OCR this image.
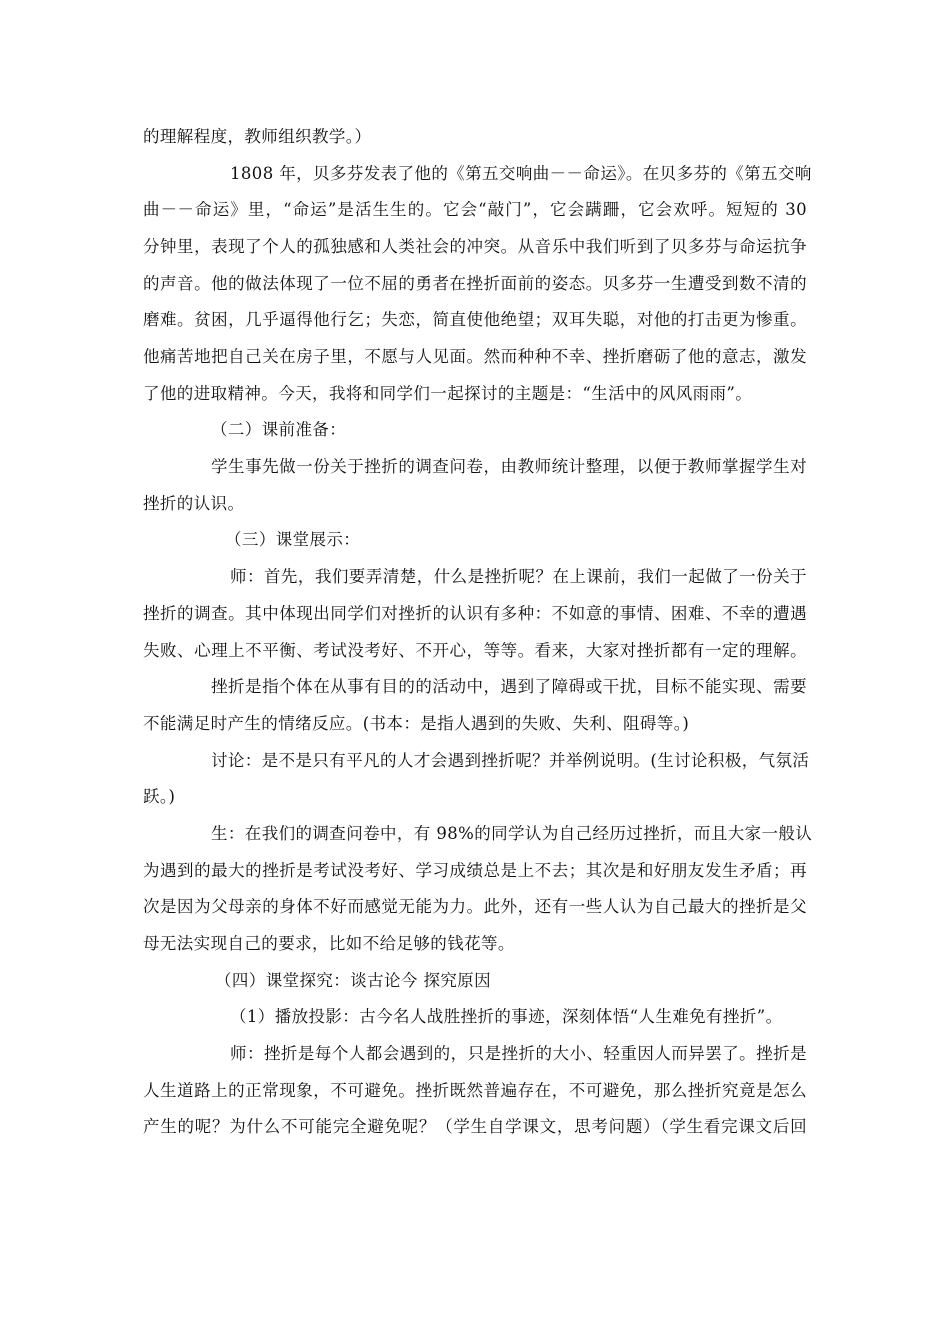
的理解程度，教师组织教学。）
1808 年，贝多芬发表了他的《第五交响曲－－命运》。在贝多芬的《第五交响
曲－－命运》里，“命运”是活生生的。它会“敲门”，它会蹒跚，它会欢呼。短短的 30
分钟里，表现了个人的孤独感和人类社会的冲突。从音乐中我们听到了贝多芬与命运抗争
的声音。他的做法体现了一位不屈的勇者在挫折面前的姿态。贝多芬一生遭受到数不清的
磨难。贫困，几乎逼得他行乞；失恋，简直使他绝望；双耳失聪，对他的打击更为惨重。
他痛苦地把自己关在房子里，不愿与人见面。然而种种不幸、挫折磨砺了他的意志，激发
了他的进取精神。今天，我将和同学们一起探讨的主题是：“生活中的风风雨雨”。
（二）课前准备：
学生事先做一份关于挫折的调查问卷，由教师统计整理，以便于教师掌握学生对
挫折的认识。
（三）课堂展示：
师：首先，我们要弄清楚，什么是挫折呢？在上课前，我们一起做了一份关于
挫折的调查。其中体现出同学们对挫折的认识有多种：不如意的事情、困难、不幸的遭遇
失败、心理上不平衡、考试没考好、不开心，等等。看来，大家对挫折都有一定的理解。
挫折是指个体在从事有目的的活动中，遇到了障碍或干扰，目标不能实现、需要
不能满足时产生的情绪反应。(书本：是指人遇到的失败、失利、阻碍等。)
讨论：是不是只有平凡的人才会遇到挫折呢？并举例说明。(生讨论积极，气氛活
跃。)
生：在我们的调查问卷中，有 98%的同学认为自己经历过挫折，而且大家一般认
为遇到的最大的挫折是考试没考好、学习成绩总是上不去；其次是和好朋友发生矛盾；再
次是因为父母亲的身体不好而感觉无能为力。此外，还有一些人认为自己最大的挫折是父
母无法实现自己的要求，比如不给足够的钱花等。
（四）课堂探究：谈古论今 探究原因
（1）播放投影：古今名人战胜挫折的事迹，深刻体悟“人生难免有挫折”。
师：挫折是每个人都会遇到的，只是挫折的大小、轻重因人而异罢了。挫折是
人生道路上的正常现象，不可避免。挫折既然普遍存在，不可避免，那么挫折究竟是怎么
产生的呢？为什么不可能完全避免呢？（学生自学课文，思考问题）（学生看完课文后回
